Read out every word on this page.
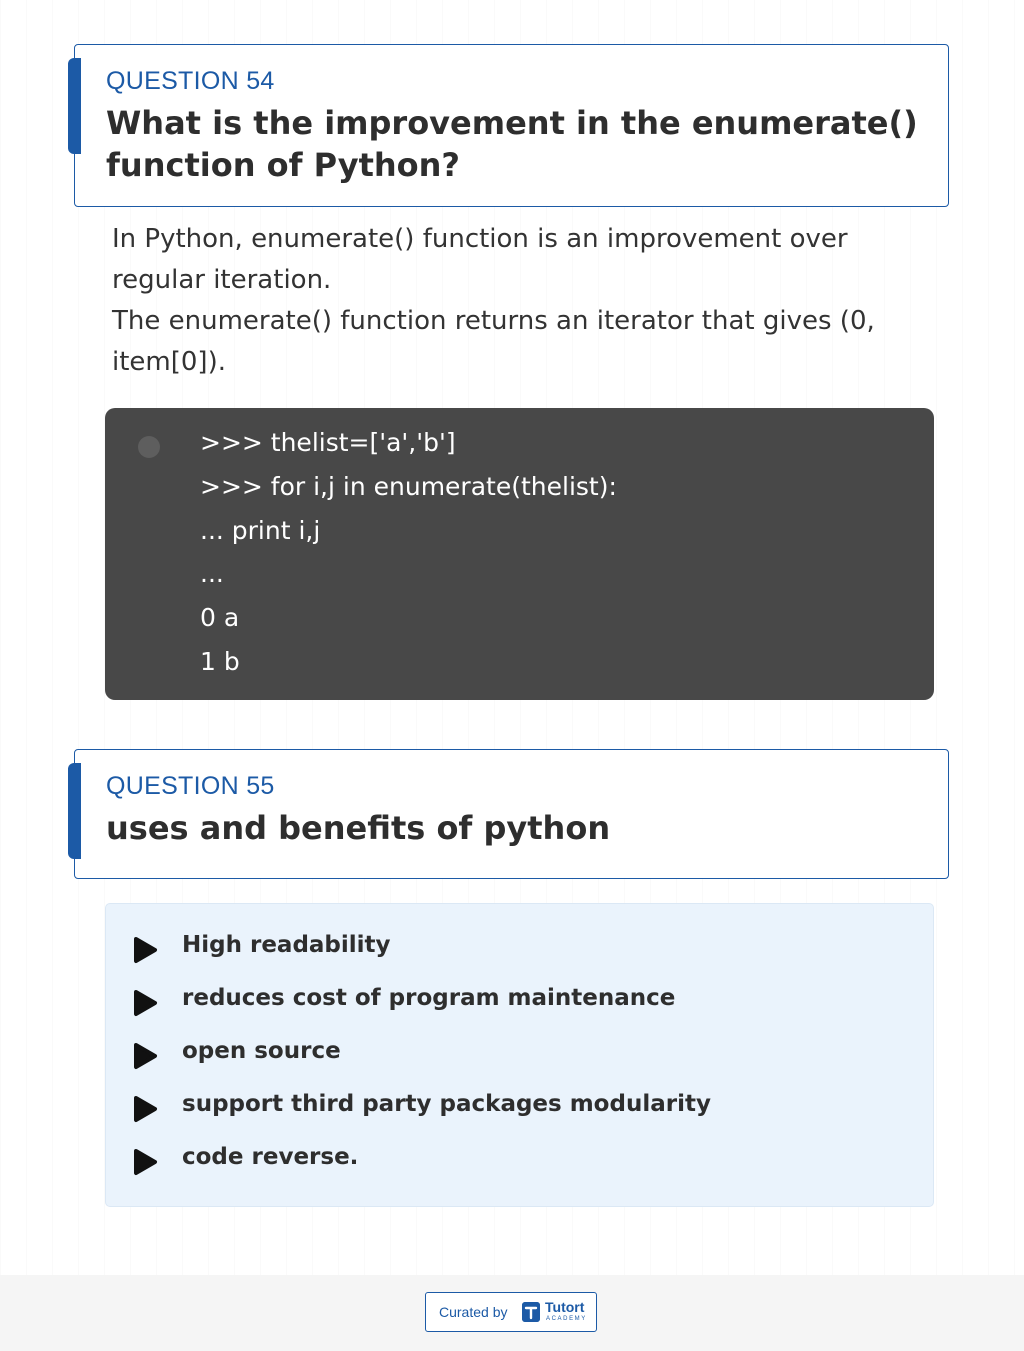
QUESTION 54
What is the improvement in the enumerate() function of Python?

In Python, enumerate() function is an improvement over regular iteration.

The enumerate() function returns an iterator that gives (0, item[0]).

>>> thelist=['a','b']
>>> for i,j in enumerate(thelist):
... print i,j
...
0 a
1 b
QUESTION 55
uses and benefits of python
High readability
reduces cost of program maintenance
open source
support third party packages modularity
code reverse.
Curated by	Tutort
ACADEMY
